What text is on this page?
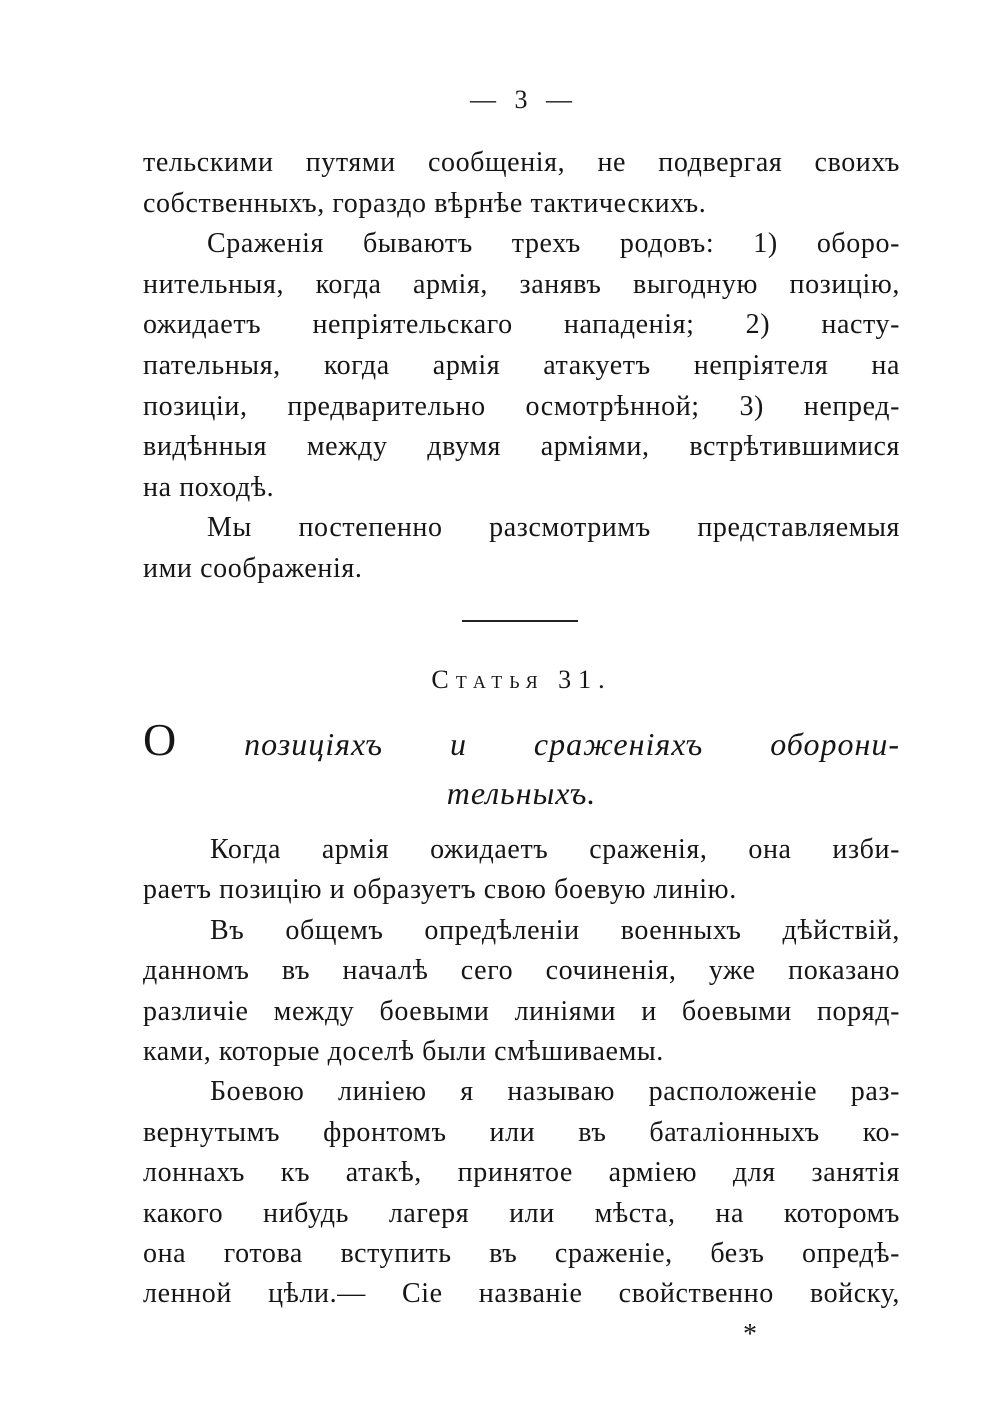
— 3 —
тельскими путями сообщенія, не подвергая своихъ
собственныхъ, гораздо вѣрнѣе тактическихъ.
Сраженія бываютъ трехъ родовъ: 1) оборо-
нительныя, когда армія, занявъ выгодную позицію,
ожидаетъ непріятельскаго нападенія; 2) насту-
пательныя, когда армія атакуетъ непріятеля на
позиціи, предварительно осмотрѣнной; 3) непред-
видѣнныя между двумя арміями, встрѣтившимися
на походѣ.
Мы постепенно разсмотримъ представляемыя
ими соображенія.
Статья 31.
О позиціяхъ и сраженіяхъ оборони-
тельныхъ.
Когда армія ожидаетъ сраженія, она изби-
раетъ позицію и образуетъ свою боевую линію.
Въ общемъ опредѣленіи военныхъ дѣйствій,
данномъ въ началѣ сего сочиненія, уже показано
различіе между боевыми линіями и боевыми поряд-
ками, которые доселѣ были смѣшиваемы.
Боевою линіею я называю расположеніе раз-
вернутымъ фронтомъ или въ баталіонныхъ ко-
лоннахъ къ атакѣ, принятое арміею для занятія
какого нибудь лагеря или мѣста, на которомъ
она готова вступить въ сраженіе, безъ опредѣ-
ленной цѣли.— Сіе названіе свойственно войску,
*
